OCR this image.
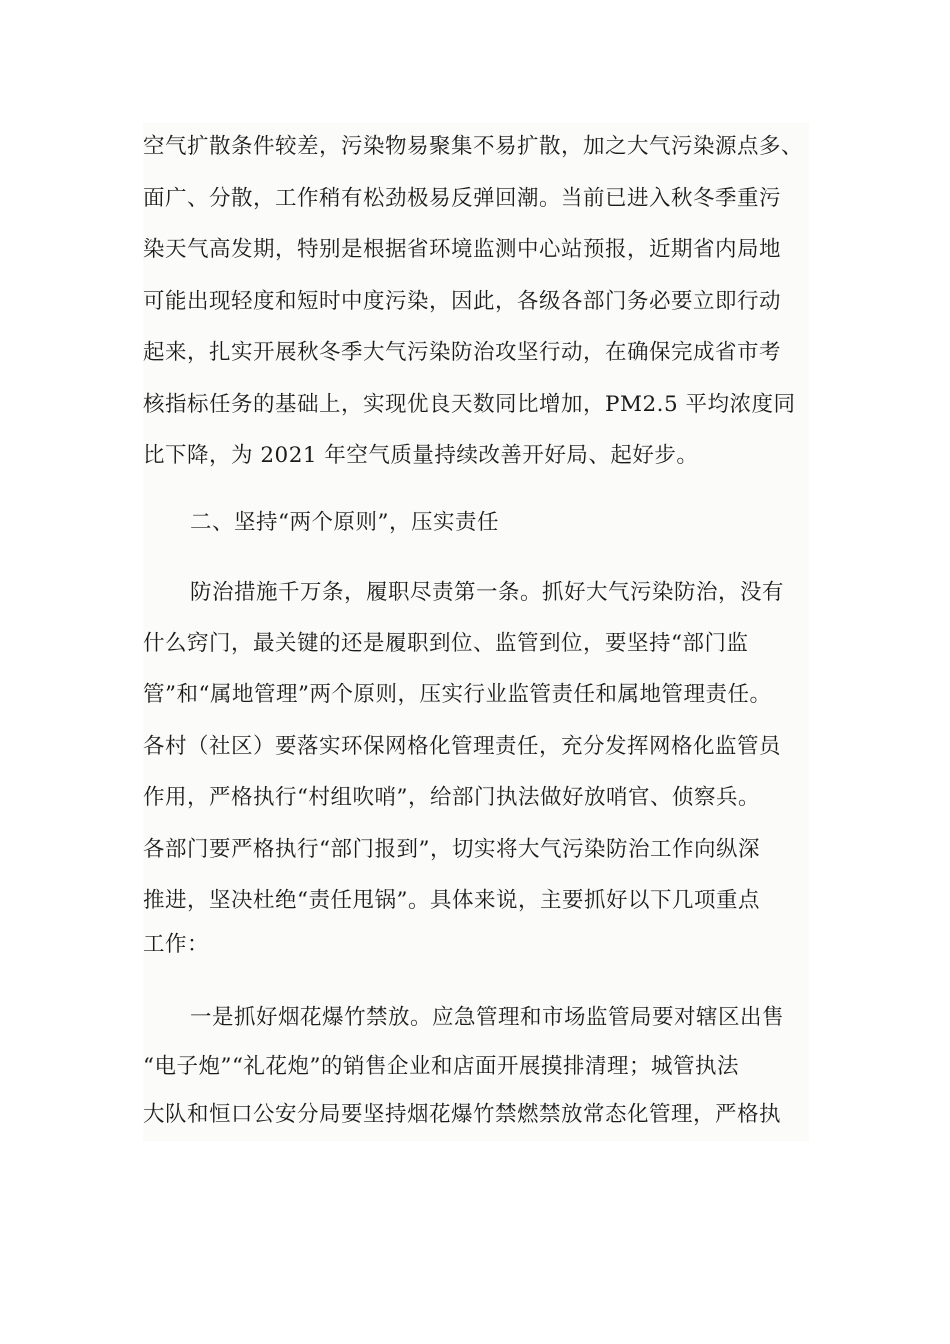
空气扩散条件较差，污染物易聚集不易扩散，加之大气污染源点多、
面广、分散，工作稍有松劲极易反弹回潮。当前已进入秋冬季重污
染天气高发期，特别是根据省环境监测中心站预报，近期省内局地
可能出现轻度和短时中度污染，因此，各级各部门务必要立即行动
起来，扎实开展秋冬季大气污染防治攻坚行动，在确保完成省市考
核指标任务的基础上，实现优良天数同比增加，PM2.5 平均浓度同
比下降，为 2021 年空气质量持续改善开好局、起好步。
二、坚持“两个原则”，压实责任
防治措施千万条，履职尽责第一条。抓好大气污染防治，没有
什么窍门，最关键的还是履职到位、监管到位，要坚持“部门监
管”和“属地管理”两个原则，压实行业监管责任和属地管理责任。
各村（社区）要落实环保网格化管理责任，充分发挥网格化监管员
作用，严格执行“村组吹哨”，给部门执法做好放哨官、侦察兵。
各部门要严格执行“部门报到”，切实将大气污染防治工作向纵深
推进，坚决杜绝“责任甩锅”。具体来说，主要抓好以下几项重点
工作：
一是抓好烟花爆竹禁放。应急管理和市场监管局要对辖区出售
“电子炮”“礼花炮”的销售企业和店面开展摸排清理；城管执法
大队和恒口公安分局要坚持烟花爆竹禁燃禁放常态化管理，严格执
